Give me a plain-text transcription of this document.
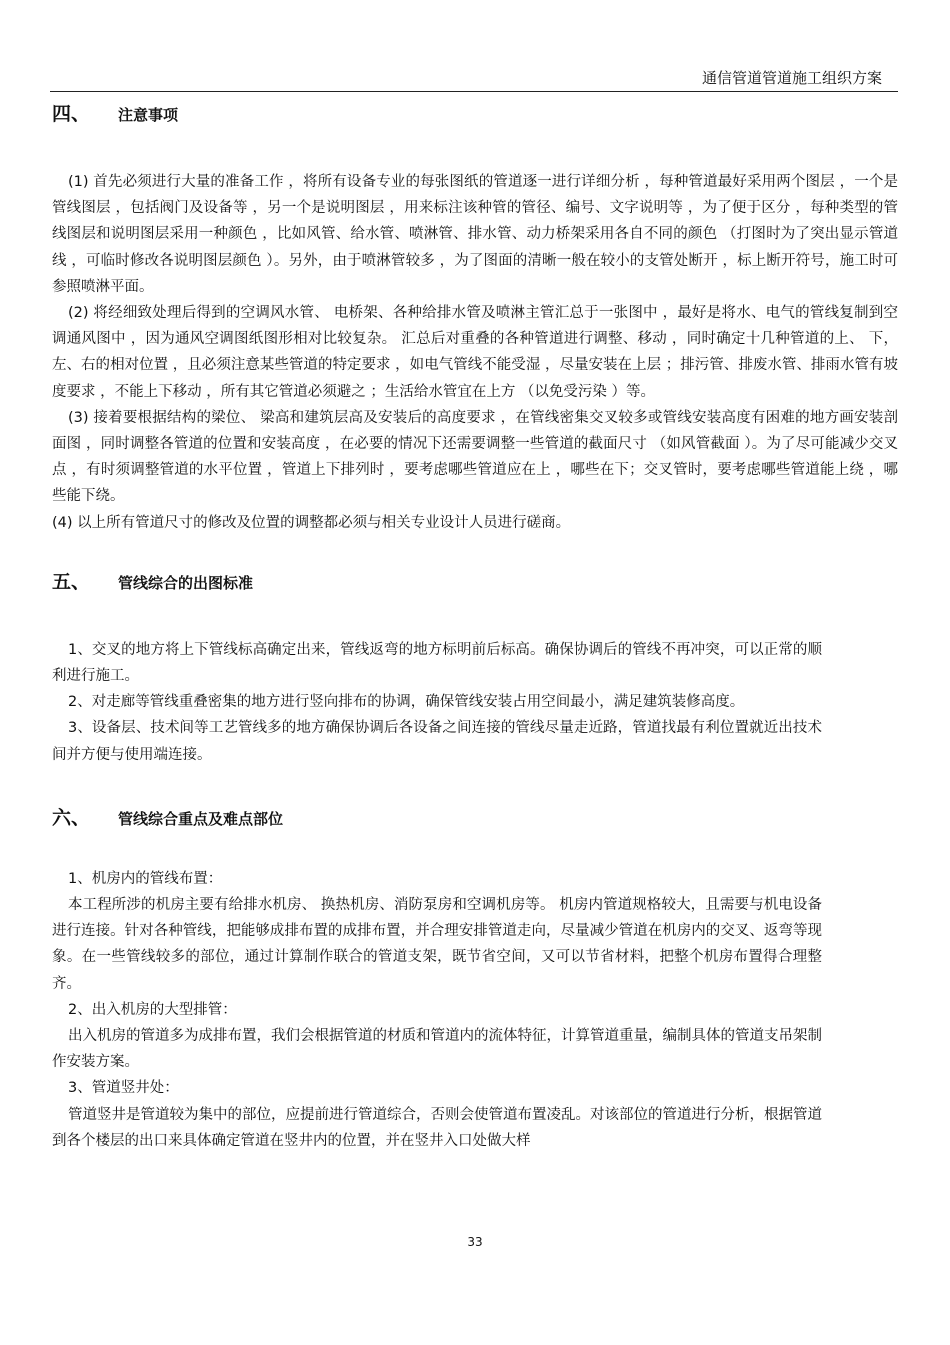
通信管道管道施工组织方案
四、	注意事项

(1) 首先必须进行大量的准备工作 ，将所有设备专业的每张图纸的管道逐一进行详细分析 ，每种管道最好采用两个图层 ，一个是管线图层 ，包括阀门及设备等 ，另一个是说明图层 ，用来标注该种管的管径、编号、文字说明等 ，为了便于区分 ，每种类型的管线图层和说明图层采用一种颜色 ，比如风管、给水管、喷淋管、排水管、动力桥架采用各自不同的颜色 （打图时为了突出显示管道线 ，可临时修改各说明图层颜色 ）。另外，由于喷淋管较多 ，为了图面的清晰一般在较小的支管处断开 ，标上断开符号，施工时可参照喷淋平面。

(2) 将经细致处理后得到的空调风水管、 电桥架、各种给排水管及喷淋主管汇总于一张图中 ，最好是将水、电气的管线复制到空调通风图中 ，因为通风空调图纸图形相对比较复杂。 汇总后对重叠的各种管道进行调整、移动 ，同时确定十几种管道的上、 下，左、右的相对位置 ，且必须注意某些管道的特定要求 ，如电气管线不能受湿 ，尽量安装在上层 ；排污管、排废水管、排雨水管有坡度要求 ，不能上下移动 ，所有其它管道必须避之 ；生活给水管宜在上方 （以免受污染 ）等。

(3) 接着要根据结构的梁位、 梁高和建筑层高及安装后的高度要求 ，在管线密集交叉较多或管线安装高度有困难的地方画安装剖面图 ，同时调整各管道的位置和安装高度 ，在必要的情况下还需要调整一些管道的截面尺寸 （如风管截面 ）。为了尽可能减少交叉点 ，有时须调整管道的水平位置 ，管道上下排列时 ，要考虑哪些管道应在上 ，哪些在下；交叉管时，要考虑哪些管道能上绕 ，哪些能下绕。

(4) 以上所有管道尺寸的修改及位置的调整都必须与相关专业设计人员进行磋商。

五、	管线综合的出图标准

1、交叉的地方将上下管线标高确定出来，管线返弯的地方标明前后标高。确保协调后的管线不再冲突，可以正常的顺利进行施工。

2、对走廊等管线重叠密集的地方进行竖向排布的协调，确保管线安装占用空间最小，满足建筑装修高度。

3、设备层、技术间等工艺管线多的地方确保协调后各设备之间连接的管线尽量走近路，管道找最有利位置就近出技术间并方便与使用端连接。

六、	管线综合重点及难点部位

1、机房内的管线布置：

本工程所涉的机房主要有给排水机房、 换热机房、消防泵房和空调机房等。 机房内管道规格较大，且需要与机电设备进行连接。针对各种管线，把能够成排布置的成排布置，并合理安排管道走向，尽量减少管道在机房内的交叉、返弯等现象。在一些管线较多的部位，通过计算制作联合的管道支架，既节省空间，又可以节省材料，把整个机房布置得合理整齐。

2、出入机房的大型排管：

出入机房的管道多为成排布置，我们会根据管道的材质和管道内的流体特征，计算管道重量，编制具体的管道支吊架制作安装方案。

3、管道竖井处：

管道竖井是管道较为集中的部位，应提前进行管道综合，否则会使管道布置凌乱。对该部位的管道进行分析，根据管道到各个楼层的出口来具体确定管道在竖井内的位置，并在竖井入口处做大样

33
